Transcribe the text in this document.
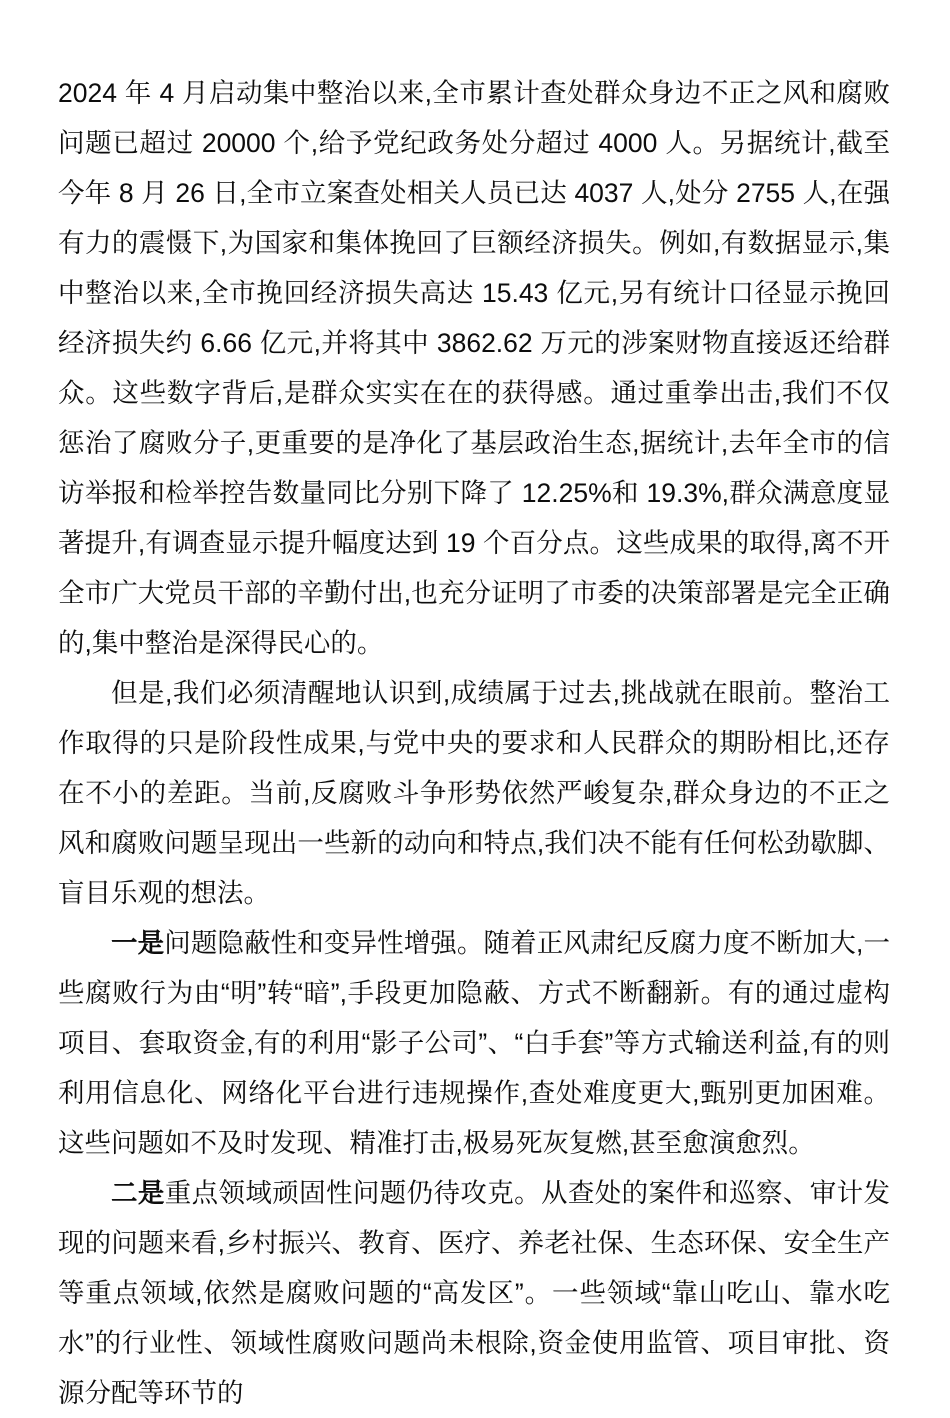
2024 年 4 月启动集中整治以来,全市累计查处群众身边不正之风和腐败问题已超过 20000 个,给予党纪政务处分超过 4000 人。另据统计,截至今年 8 月 26 日,全市立案查处相关人员已达 4037 人,处分 2755 人,在强有力的震慑下,为国家和集体挽回了巨额经济损失。例如,有数据显示,集中整治以来,全市挽回经济损失高达 15.43 亿元,另有统计口径显示挽回经济损失约 6.66 亿元,并将其中 3862.62 万元的涉案财物直接返还给群众。这些数字背后,是群众实实在在的获得感。通过重拳出击,我们不仅惩治了腐败分子,更重要的是净化了基层政治生态,据统计,去年全市的信访举报和检举控告数量同比分别下降了 12.25%和 19.3%,群众满意度显著提升,有调查显示提升幅度达到 19 个百分点。这些成果的取得,离不开全市广大党员干部的辛勤付出,也充分证明了市委的决策部署是完全正确的,集中整治是深得民心的。

但是,我们必须清醒地认识到,成绩属于过去,挑战就在眼前。整治工作取得的只是阶段性成果,与党中央的要求和人民群众的期盼相比,还存在不小的差距。当前,反腐败斗争形势依然严峻复杂,群众身边的不正之风和腐败问题呈现出一些新的动向和特点,我们决不能有任何松劲歇脚、盲目乐观的想法。

一是问题隐蔽性和变异性增强。随着正风肃纪反腐力度不断加大,一些腐败行为由“明”转“暗”,手段更加隐蔽、方式不断翻新。有的通过虚构项目、套取资金,有的利用“影子公司”、“白手套”等方式输送利益,有的则利用信息化、网络化平台进行违规操作,查处难度更大,甄别更加困难。这些问题如不及时发现、精准打击,极易死灰复燃,甚至愈演愈烈。

二是重点领域顽固性问题仍待攻克。从查处的案件和巡察、审计发现的问题来看,乡村振兴、教育、医疗、养老社保、生态环保、安全生产等重点领域,依然是腐败问题的“高发区”。一些领域“靠山吃山、靠水吃水”的行业性、领域性腐败问题尚未根除,资金使用监管、项目审批、资源分配等环节的
